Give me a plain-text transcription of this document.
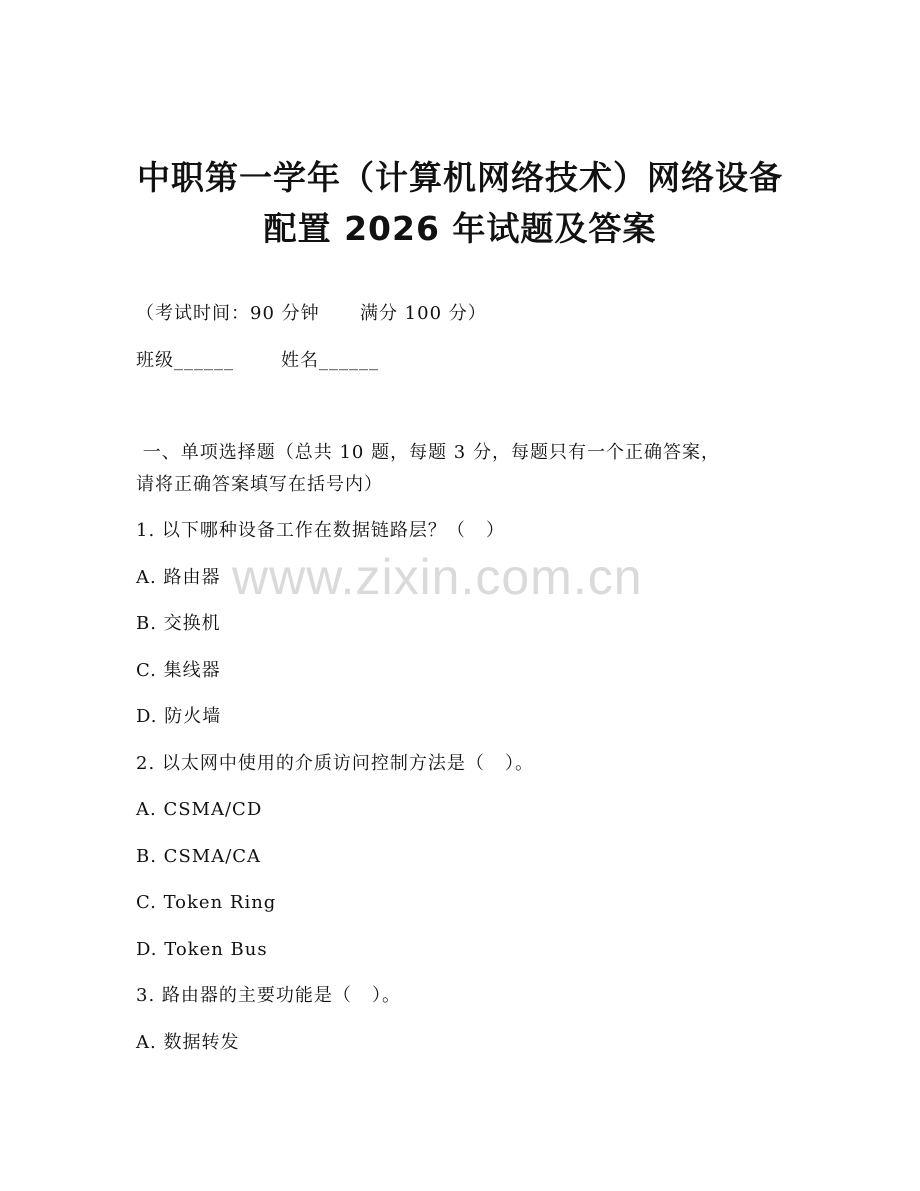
中职第一学年（计算机网络技术）网络设备
配置 2026 年试题及答案
（考试时间：90 分钟      满分 100 分）
班级______       姓名______
一、单项选择题（总共 10 题，每题 3 分，每题只有一个正确答案，
请将正确答案填写在括号内）
1. 以下哪种设备工作在数据链路层？（   ）
A. 路由器
B. 交换机
C. 集线器
D. 防火墙
2. 以太网中使用的介质访问控制方法是（   ）。
A. CSMA/CD
B. CSMA/CA
C. Token Ring
D. Token Bus
3. 路由器的主要功能是（   ）。
A. 数据转发
www.zixin.com.cn
